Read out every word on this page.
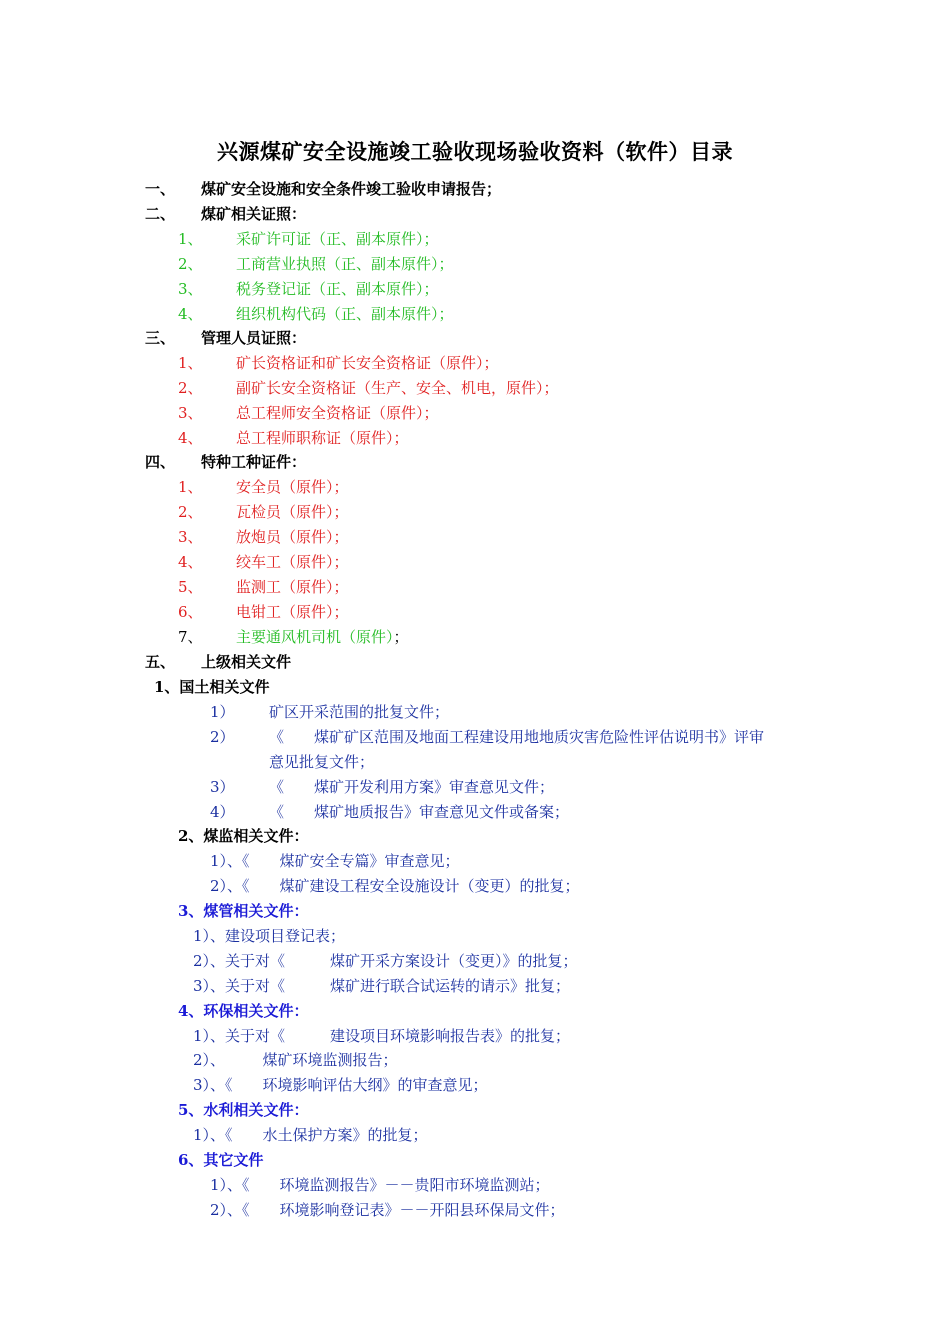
兴源煤矿安全设施竣工验收现场验收资料（软件）目录
一、 煤矿安全设施和安全条件竣工验收申请报告；
二、 煤矿相关证照：
1、 采矿许可证（正、副本原件）；
2、 工商营业执照（正、副本原件）；
3、 税务登记证（正、副本原件）；
4、 组织机构代码（正、副本原件）；
三、 管理人员证照：
1、 矿长资格证和矿长安全资格证（原件）；
2、 副矿长安全资格证（生产、安全、机电，原件）；
3、 总工程师安全资格证（原件）；
4、 总工程师职称证（原件）；
四、 特种工种证件：
1、 安全员（原件）；
2、 瓦检员（原件）；
3、 放炮员（原件）；
4、 绞车工（原件）；
5、 监测工（原件）；
6、 电钳工（原件）；
7、 主要通风机司机（原件）；
五、 上级相关文件
1、国土相关文件
1） 矿区开采范围的批复文件；
2） 《　　煤矿矿区范围及地面工程建设用地地质灾害危险性评估说明书》评审
意见批复文件；
3） 《　　煤矿开发利用方案》审查意见文件；
4） 《　　煤矿地质报告》审查意见文件或备案；
2、煤监相关文件：
1）、《　　煤矿安全专篇》审查意见；
2）、《　　煤矿建设工程安全设施设计（变更）的批复；
3、煤管相关文件：
1）、建设项目登记表；
2）、关于对《　　　煤矿开采方案设计（变更）》的批复；
3）、关于对《　　　煤矿进行联合试运转的请示》批复；
4、环保相关文件：
1）、关于对《　　　建设项目环境影响报告表》的批复；
2）、　　　煤矿环境监测报告；
3）、《　　环境影响评估大纲》的审查意见；
5、水利相关文件：
1）、《　　水土保护方案》的批复；
6、其它文件
1）、《　　环境监测报告》－－贵阳市环境监测站；
2）、《　　环境影响登记表》－－开阳县环保局文件；
